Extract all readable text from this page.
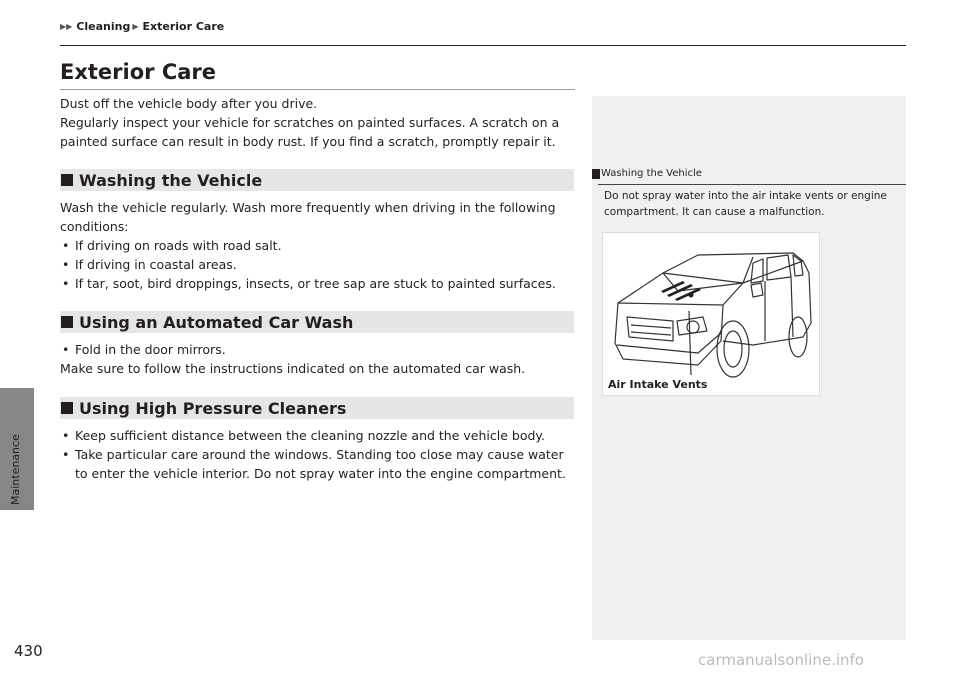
▶▶ Cleaning ▶ Exterior Care
Maintenance
Exterior Care

Dust off the vehicle body after you drive.

Regularly inspect your vehicle for scratches on painted surfaces. A scratch on a painted surface can result in body rust. If you find a scratch, promptly repair it.

Washing the Vehicle

Wash the vehicle regularly. Wash more frequently when driving in the following conditions:

• If driving on roads with road salt.
• If driving in coastal areas.
• If tar, soot, bird droppings, insects, or tree sap are stuck to painted surfaces.
Using an Automated Car Wash
• Fold in the door mirrors.

Make sure to follow the instructions indicated on the automated car wash.

Using High Pressure Cleaners
• Keep sufficient distance between the cleaning nozzle and the vehicle body.
• Take particular care around the windows. Standing too close may cause water to enter the vehicle interior. Do not spray water into the engine compartment.
Washing the Vehicle

Do not spray water into the air intake vents or engine compartment. It can cause a malfunction.

Air Intake Vents
430	carmanualsonline.info
